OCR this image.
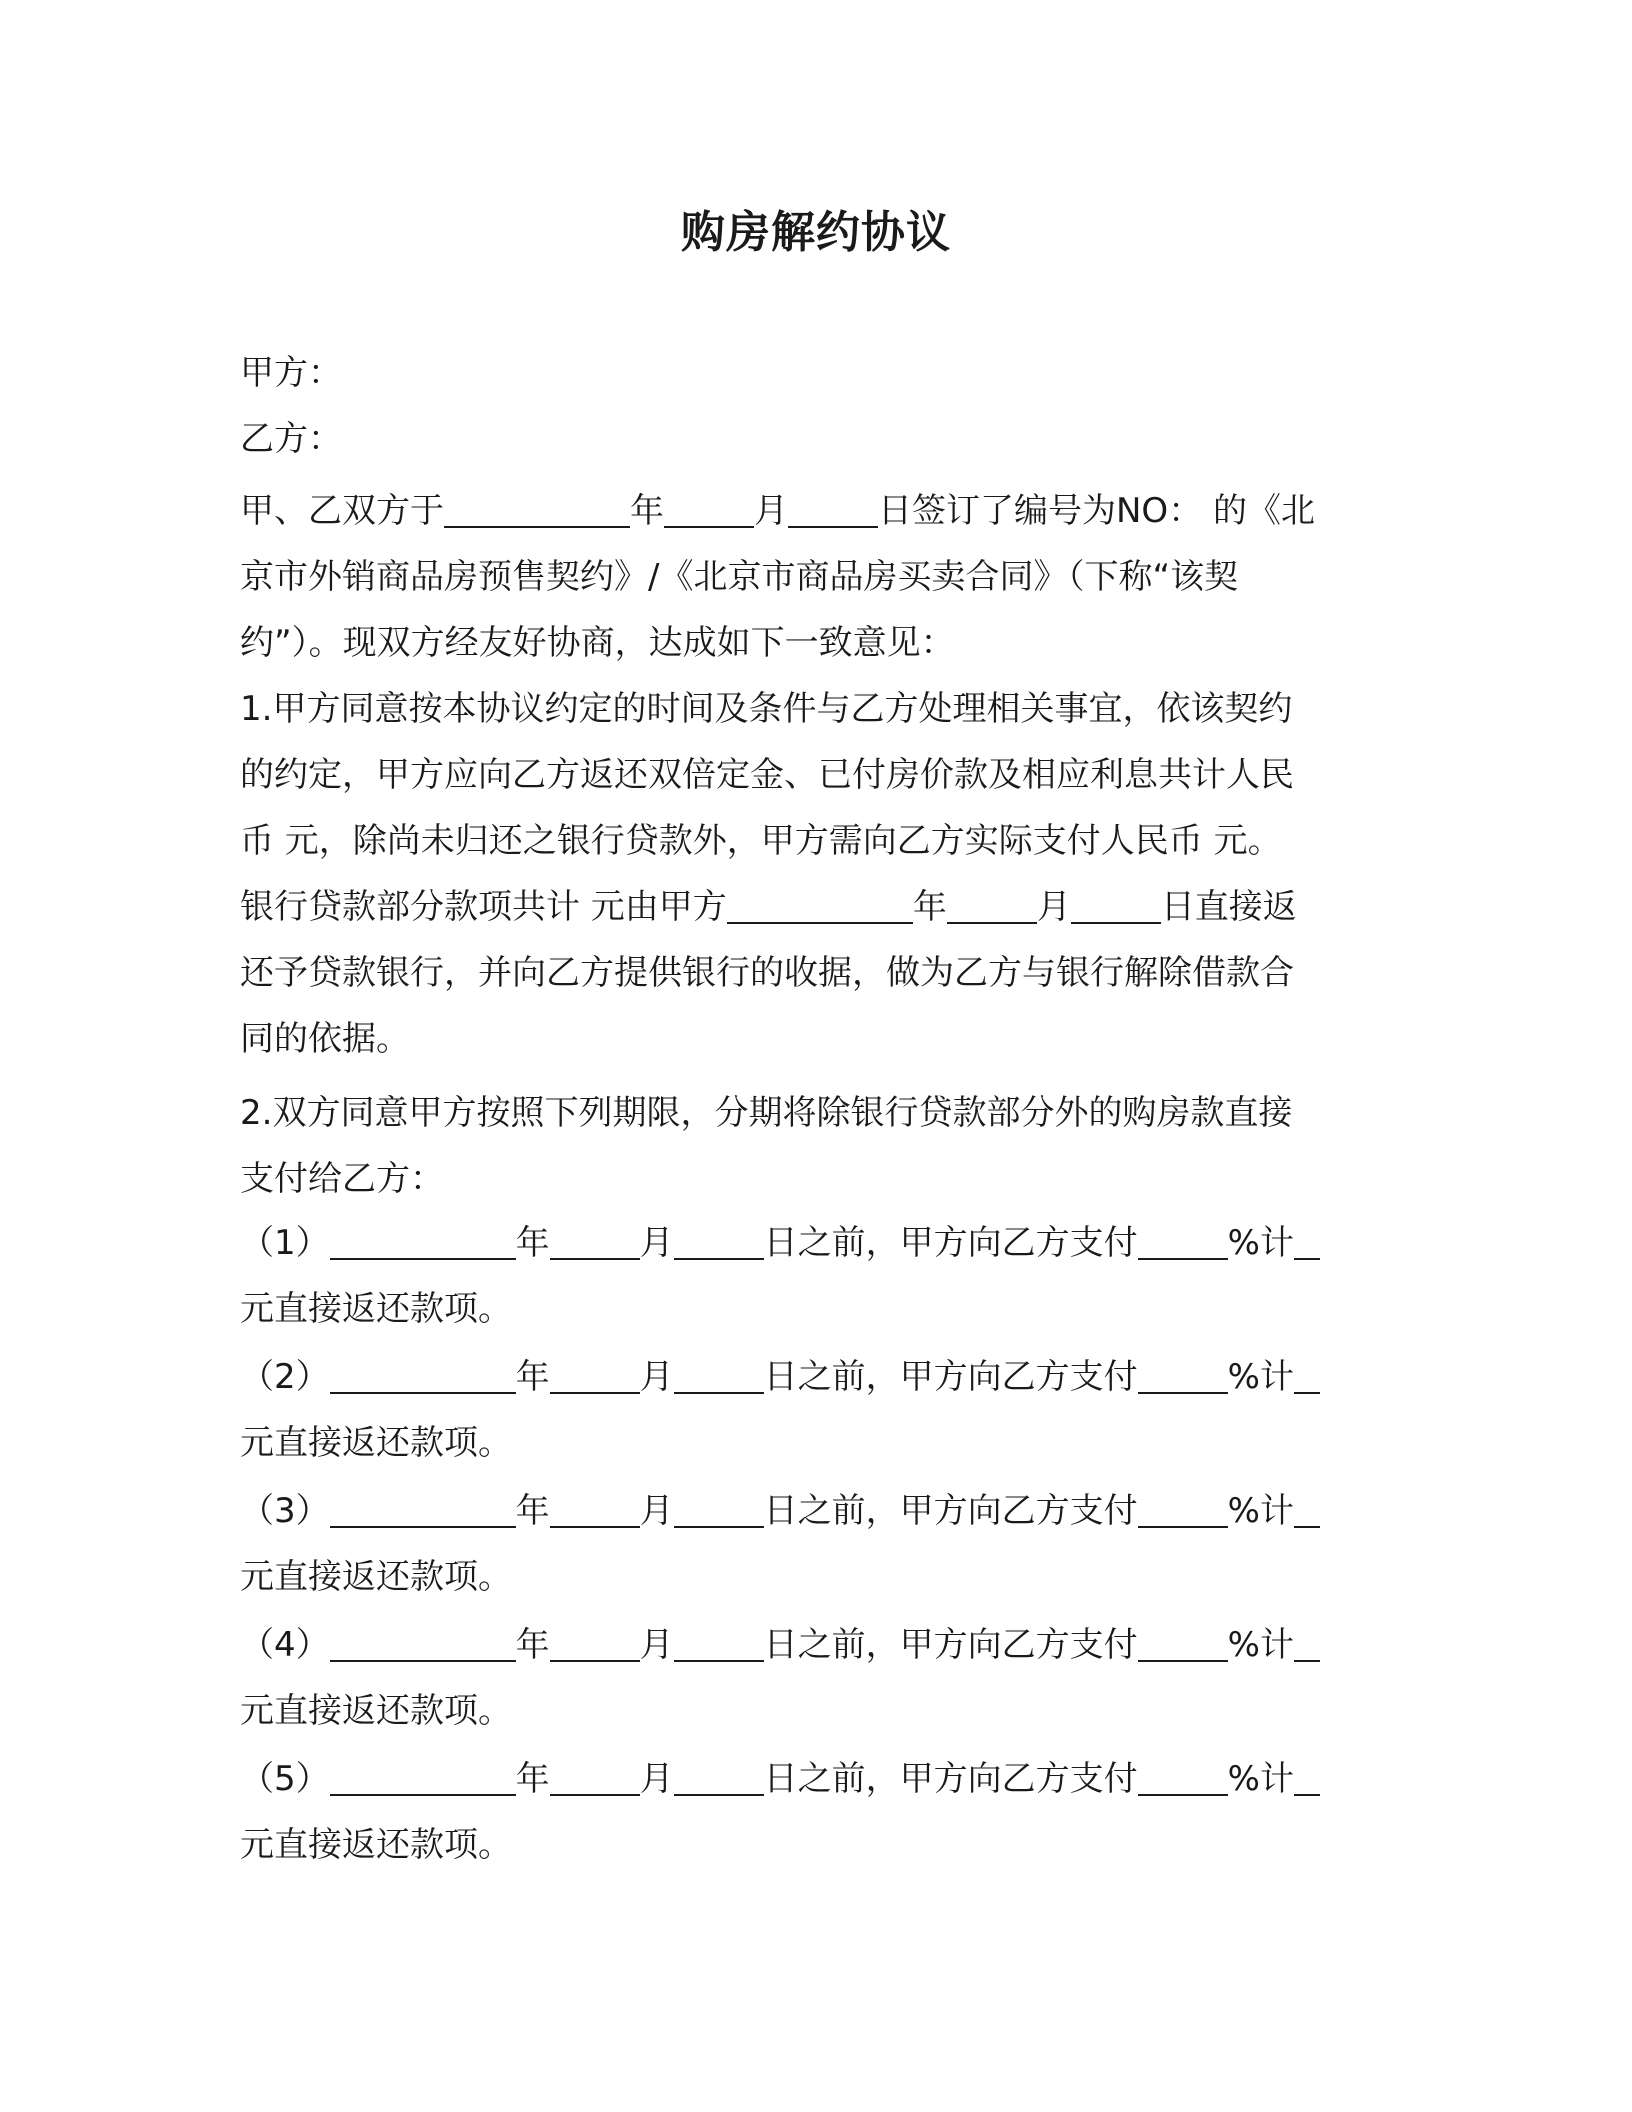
购房解约协议
甲方：
乙方：
甲、乙双方于	年	月	日签订了编号为NO： 的《北
京市外销商品房预售契约》/《北京市商品房买卖合同》（下称“该契
约”）。现双方经友好协商，达成如下一致意见：
1.甲方同意按本协议约定的时间及条件与乙方处理相关事宜，依该契约
的约定，甲方应向乙方返还双倍定金、已付房价款及相应利息共计人民
币 元，除尚未归还之银行贷款外，甲方需向乙方实际支付人民币 元。
银行贷款部分款项共计 元由甲方	年	月	日直接返
还予贷款银行，并向乙方提供银行的收据，做为乙方与银行解除借款合
同的依据。
2.双方同意甲方按照下列期限，分期将除银行贷款部分外的购房款直接
支付给乙方：
（1）	年	月	日之前，甲方向乙方支付	%计
元直接返还款项。
（2）	年	月	日之前，甲方向乙方支付	%计
元直接返还款项。
（3）	年	月	日之前，甲方向乙方支付	%计
元直接返还款项。
（4）	年	月	日之前，甲方向乙方支付	%计
元直接返还款项。
（5）	年	月	日之前，甲方向乙方支付	%计
元直接返还款项。
